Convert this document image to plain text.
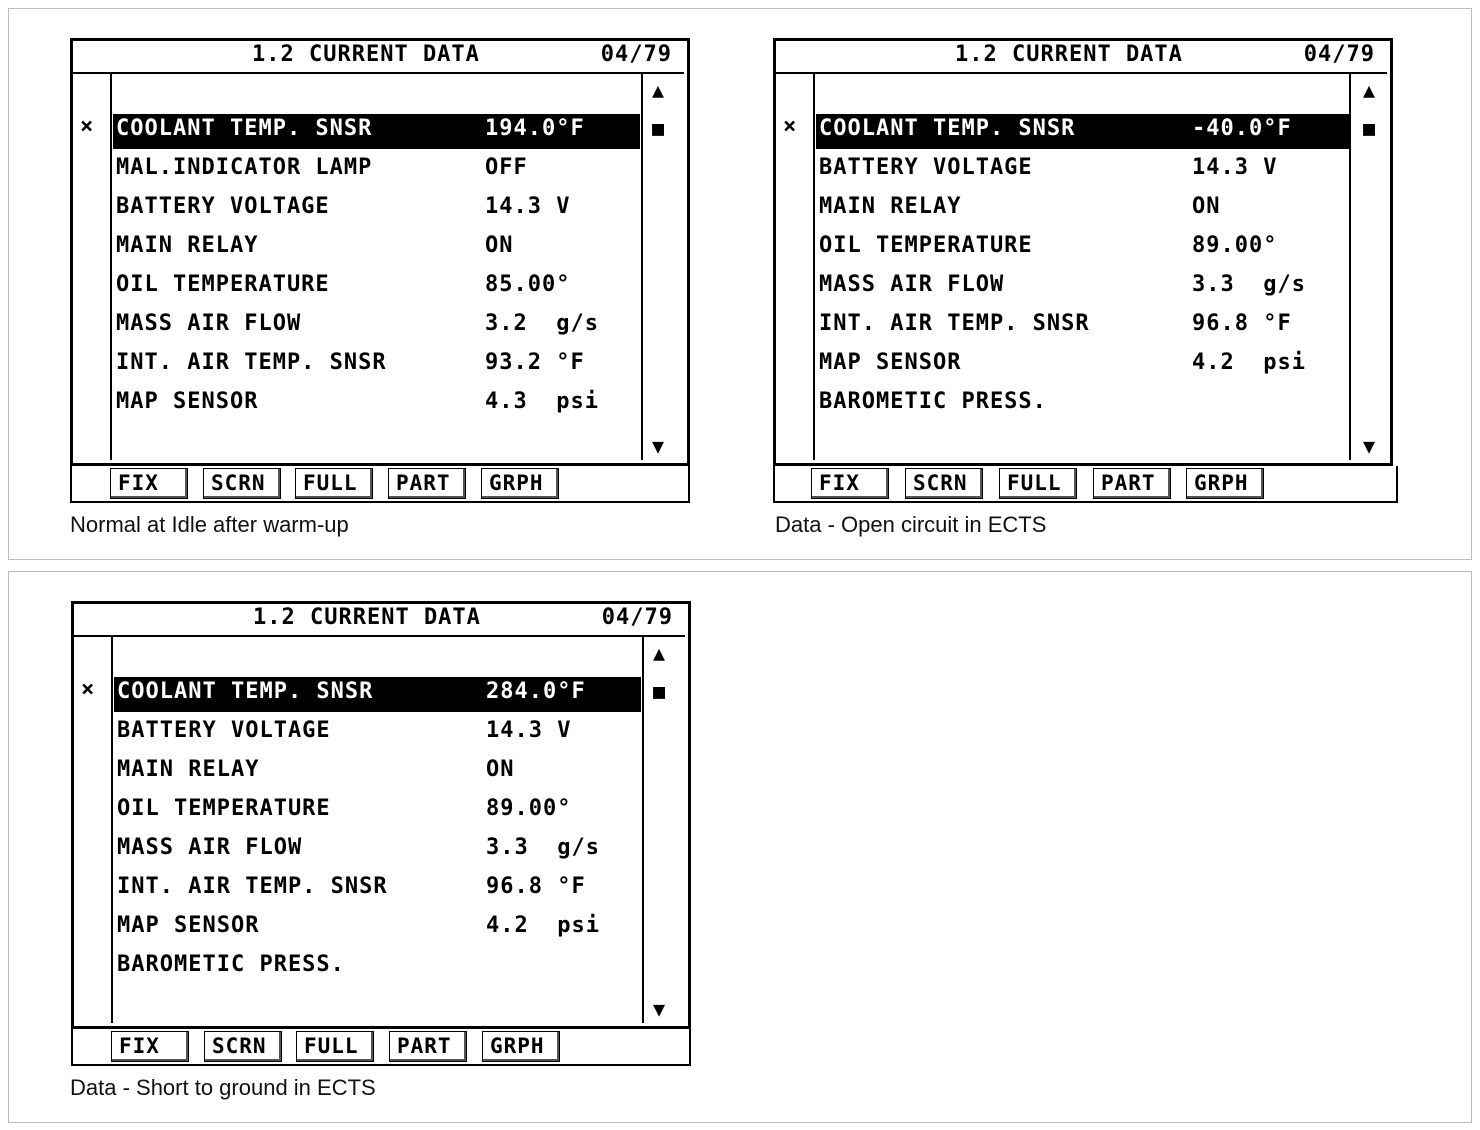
1.2 CURRENT DATA	04/79
× COOLANT TEMP. SNSR	194.0°F
MAL.INDICATOR LAMP	OFF
BATTERY VOLTAGE	14.3 V
MAIN RELAY	ON
OIL TEMPERATURE	85.00°
MASS AIR FLOW	3.2  g/s
INT. AIR TEMP. SNSR	93.2 °F
MAP SENSOR	4.3  psi
▲
■
▼
FIX	SCRN	FULL	PART	GRPH
Normal at Idle after warm-up
1.2 CURRENT DATA	04/79
× COOLANT TEMP. SNSR	-40.0°F
BATTERY VOLTAGE	14.3 V
MAIN RELAY	ON
OIL TEMPERATURE	89.00°
MASS AIR FLOW	3.3  g/s
INT. AIR TEMP. SNSR	96.8 °F
MAP SENSOR	4.2  psi
BAROMETIC PRESS.
▲
■
▼
FIX	SCRN	FULL	PART	GRPH
Data - Open circuit in ECTS
1.2 CURRENT DATA	04/79
× COOLANT TEMP. SNSR	284.0°F
BATTERY VOLTAGE	14.3 V
MAIN RELAY	ON
OIL TEMPERATURE	89.00°
MASS AIR FLOW	3.3  g/s
INT. AIR TEMP. SNSR	96.8 °F
MAP SENSOR	4.2  psi
BAROMETIC PRESS.
▲
■
▼
FIX	SCRN	FULL	PART	GRPH
Data - Short to ground in ECTS
